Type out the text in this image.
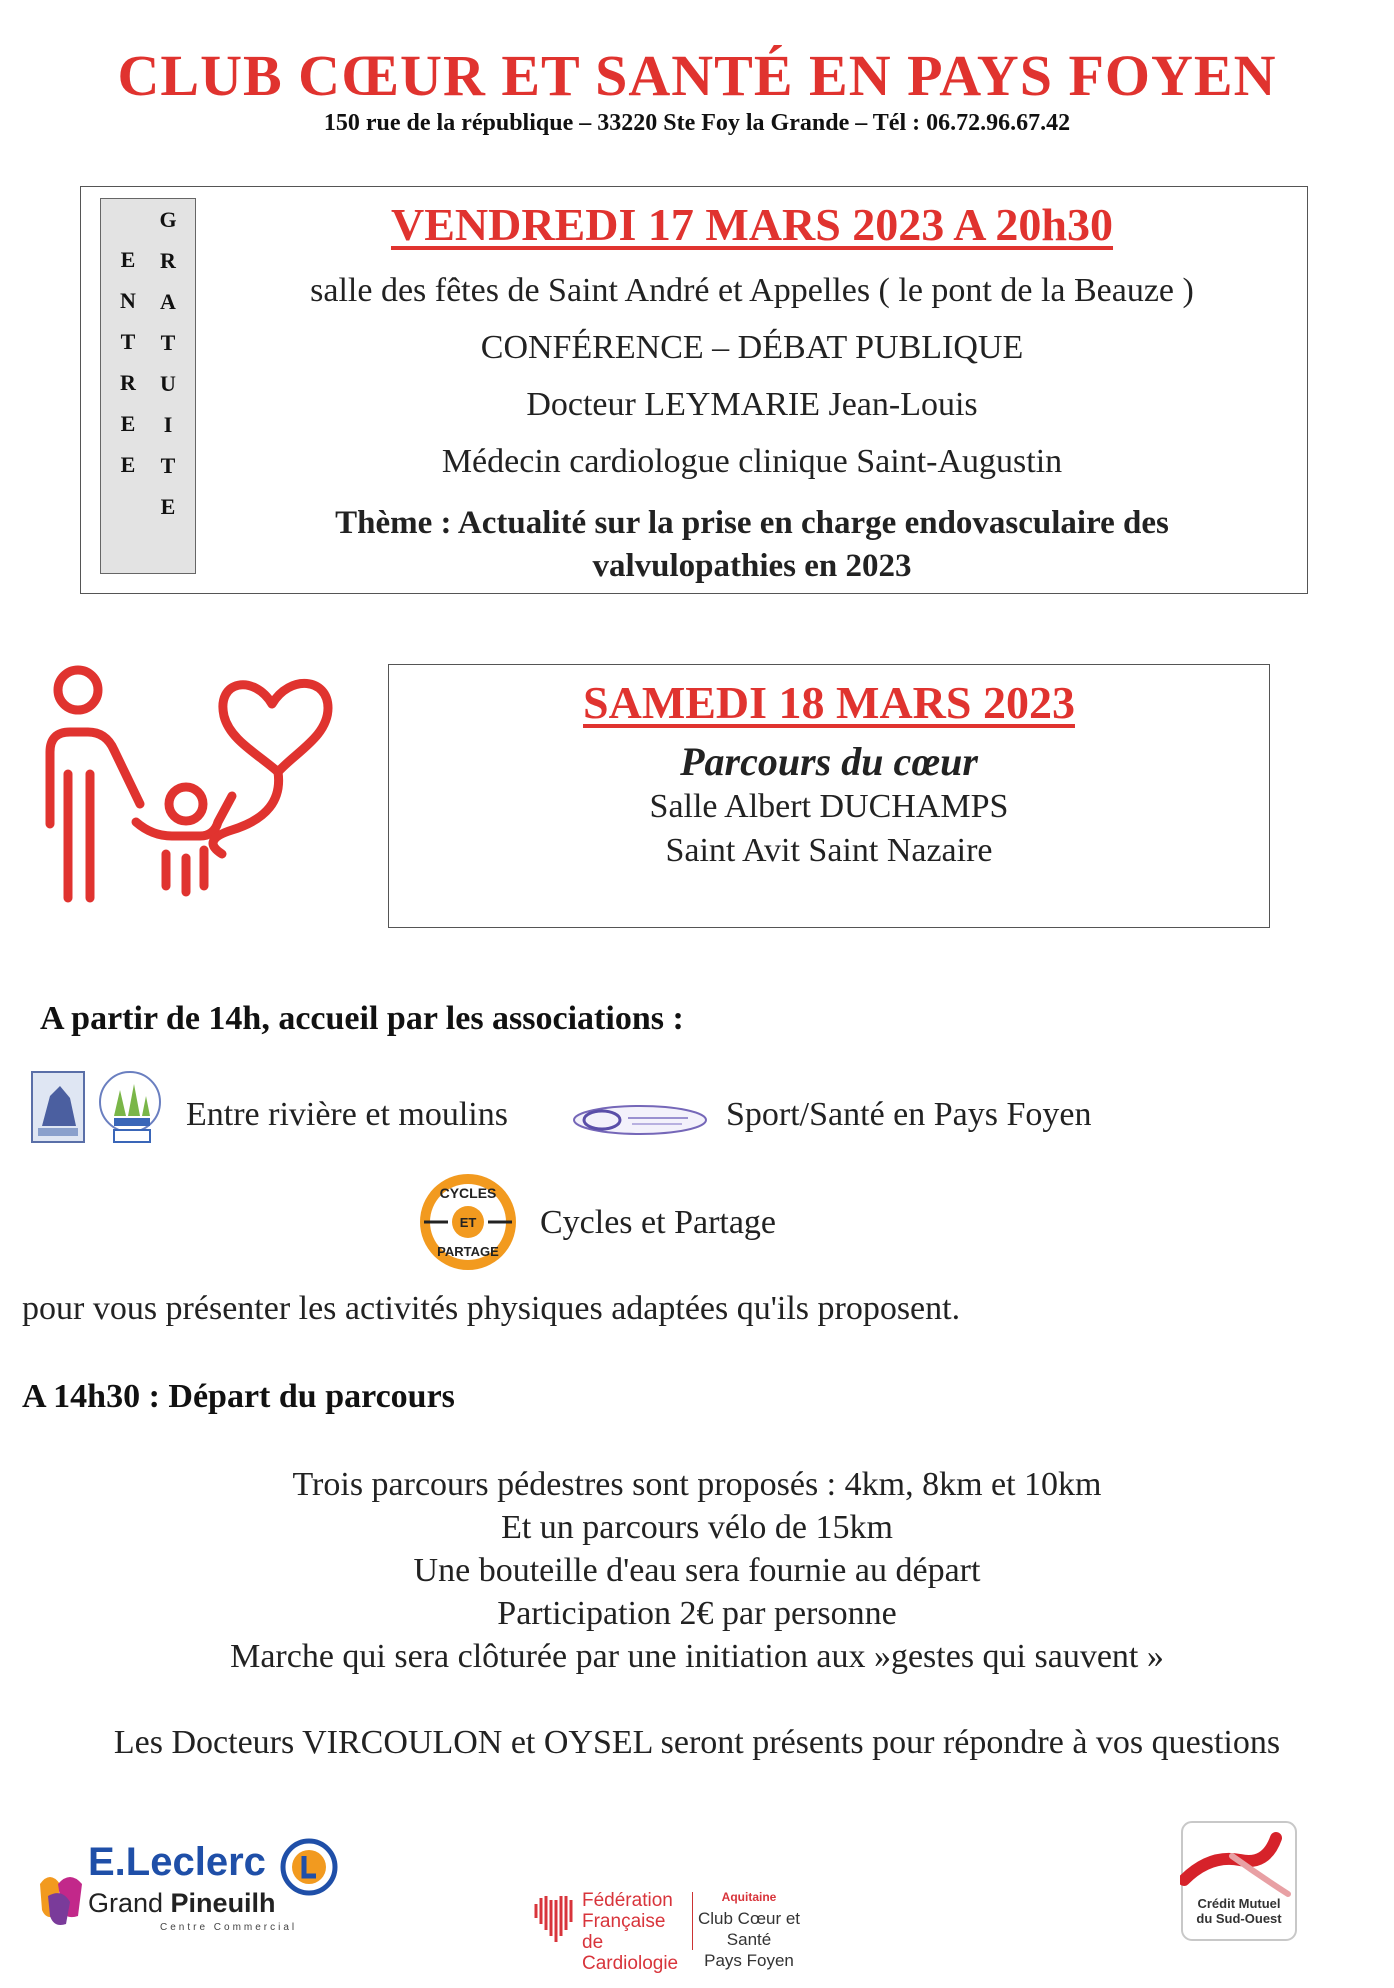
CLUB CŒUR ET SANTÉ EN PAYS FOYEN
150 rue de la république – 33220 Ste Foy la Grande – Tél : 06.72.96.67.42
E
N
T
R
E
E
G
R
A
T
U
I
T
E
VENDREDI 17 MARS 2023 A 20h30
salle des fêtes de Saint André et Appelles ( le pont de la Beauze )
CONFÉRENCE – DÉBAT PUBLIQUE
Docteur LEYMARIE Jean-Louis
Médecin cardiologue clinique Saint-Augustin
Thème : Actualité sur la prise en charge endovasculaire des
valvulopathies en 2023
SAMEDI 18 MARS 2023
Parcours du cœur
Salle Albert DUCHAMPS
Saint Avit Saint Nazaire
A partir de 14h, accueil par les associations :
Entre rivière et moulins	Sport/Santé en Pays Foyen
CYCLES
ET
PARTAGE
Cycles et Partage
pour vous présenter les activités physiques adaptées qu'ils proposent.
A 14h30 : Départ du parcours
Trois parcours pédestres sont proposés : 4km, 8km et 10km
Et un parcours vélo de 15km
Une bouteille d'eau sera fournie au départ
Participation 2€ par personne
Marche qui sera clôturée par une initiation aux »gestes qui sauvent »
Les Docteurs VIRCOULON et OYSEL seront présents pour répondre à vos questions
E.Leclerc
Grand Pineuilh
Centre Commercial
Fédération
Française de
Cardiologie
Aquitaine
Club Cœur et Santé
Pays Foyen
Crédit Mutuel
du Sud-Ouest
